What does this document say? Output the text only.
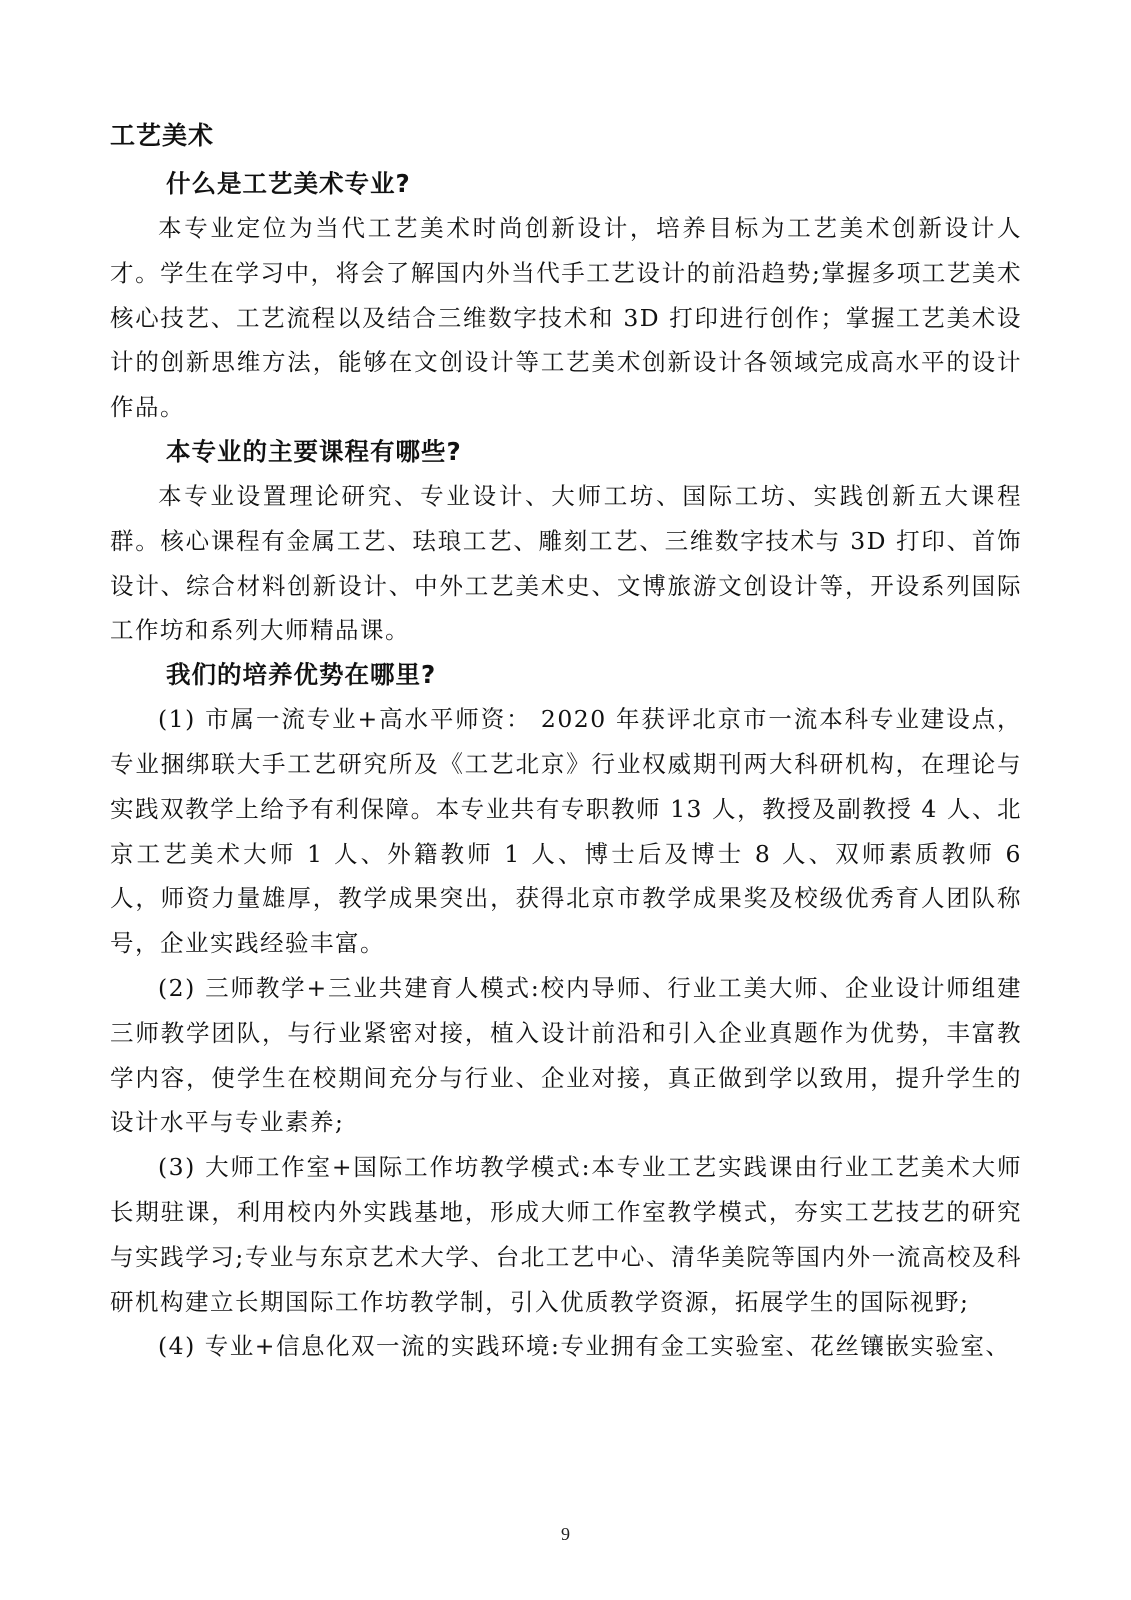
工艺美术
什么是工艺美术专业?

本专业定位为当代工艺美术时尚创新设计，培养目标为工艺美术创新设计人才。学生在学习中，将会了解国内外当代手工艺设计的前沿趋势;掌握多项工艺美术核心技艺、工艺流程以及结合三维数字技术和 3D 打印进行创作；掌握工艺美术设计的创新思维方法，能够在文创设计等工艺美术创新设计各领域完成高水平的设计作品。

本专业的主要课程有哪些?

本专业设置理论研究、专业设计、大师工坊、国际工坊、实践创新五大课程群。核心课程有金属工艺、珐琅工艺、雕刻工艺、三维数字技术与 3D 打印、首饰设计、综合材料创新设计、中外工艺美术史、文博旅游文创设计等，开设系列国际工作坊和系列大师精品课。

我们的培养优势在哪里?

(1) 市属一流专业+高水平师资： 2020 年获评北京市一流本科专业建设点，专业捆绑联大手工艺研究所及《工艺北京》行业权威期刊两大科研机构，在理论与实践双教学上给予有利保障。本专业共有专职教师 13 人，教授及副教授 4 人、北京工艺美术大师 1 人、外籍教师 1 人、博士后及博士 8 人、双师素质教师 6 人，师资力量雄厚，教学成果突出，获得北京市教学成果奖及校级优秀育人团队称号，企业实践经验丰富。

(2) 三师教学+三业共建育人模式:校内导师、行业工美大师、企业设计师组建三师教学团队，与行业紧密对接，植入设计前沿和引入企业真题作为优势，丰富教学内容，使学生在校期间充分与行业、企业对接，真正做到学以致用，提升学生的设计水平与专业素养;

(3) 大师工作室+国际工作坊教学模式:本专业工艺实践课由行业工艺美术大师长期驻课，利用校内外实践基地，形成大师工作室教学模式，夯实工艺技艺的研究与实践学习;专业与东京艺术大学、台北工艺中心、清华美院等国内外一流高校及科研机构建立长期国际工作坊教学制，引入优质教学资源，拓展学生的国际视野;

(4) 专业+信息化双一流的实践环境:专业拥有金工实验室、花丝镶嵌实验室、

9
